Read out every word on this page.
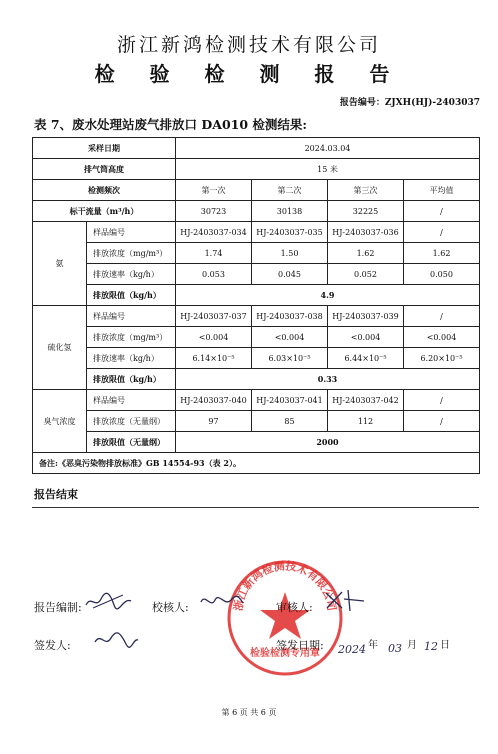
浙江新鸿检测技术有限公司
检 验 检 测 报 告
报告编号：ZJXH(HJ)-2403037
表 7、废水处理站废气排放口 DA010 检测结果:
采样日期		2024.03.04			
排气筒高度		15 米			
检测频次		第一次	第二次	第三次	平均值
标干流量（m³/h）		30723	30138	32225	/
氨	样品编号	HJ-2403037-034	HJ-2403037-035	HJ-2403037-036	/
	排放浓度（mg/m³）	1.74	1.50	1.62	1.62
	排放速率（kg/h）	0.053	0.045	0.052	0.050
	排放限值（kg/h）	4.9			
硫化氢	样品编号	HJ-2403037-037	HJ-2403037-038	HJ-2403037-039	/
	排放浓度（mg/m³）	<0.004	<0.004	<0.004	<0.004
	排放速率（kg/h）	6.14×10⁻⁵	6.03×10⁻⁵	6.44×10⁻⁵	6.20×10⁻⁵
	排放限值（kg/h）	0.33			
臭气浓度	样品编号	HJ-2403037-040	HJ-2403037-041	HJ-2403037-042	/
	排放浓度（无量纲）	97	85	112	/
	排放限值（无量纲）	2000			
备注:《恶臭污染物排放标准》GB 14554-93（表 2）。					
报告结束
浙江新鸿检测技术有限公司
检验检测专用章
报告编制:	校核人:	审核人:
签发人:	签发日期: 2024 年 03 月 12 日
第 6 页 共 6 页
